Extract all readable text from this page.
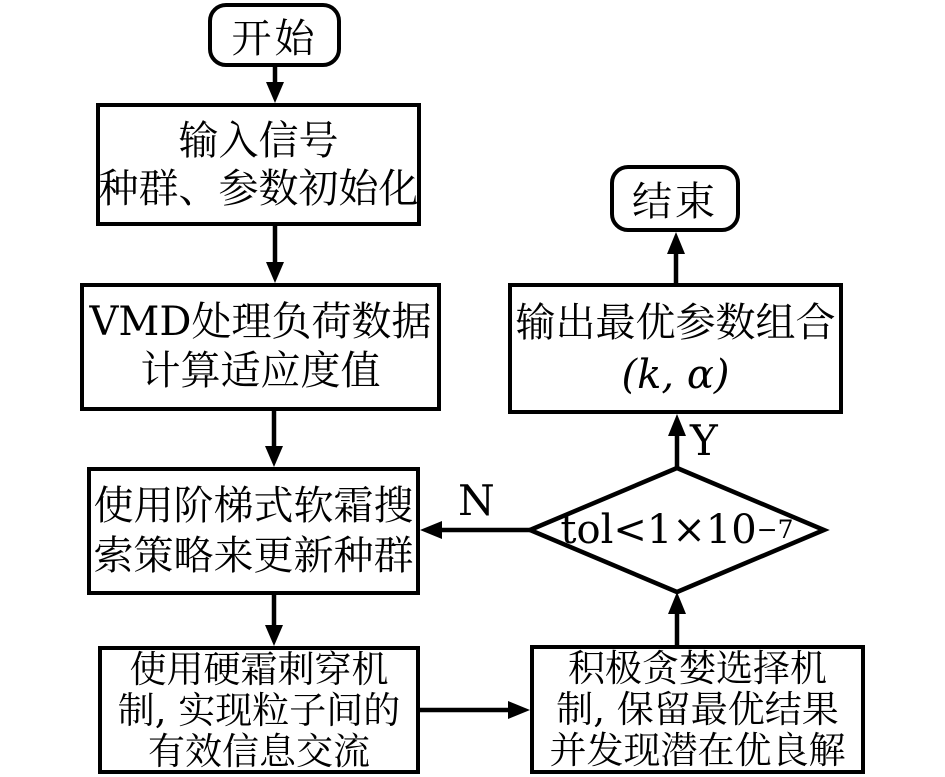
开始
输入信号
种群、参数初始化
VMD处理负荷数据
计算适应度值
使用阶梯式软霜搜
索策略来更新种群
使用硬霜刺穿机
制, 实现粒子间的
有效信息交流
积极贪婪选择机
制, 保留最优结果
并发现潜在优良解
输出最优参数组合
(k, α)
结束
tol<1×10 −7
N
Y
